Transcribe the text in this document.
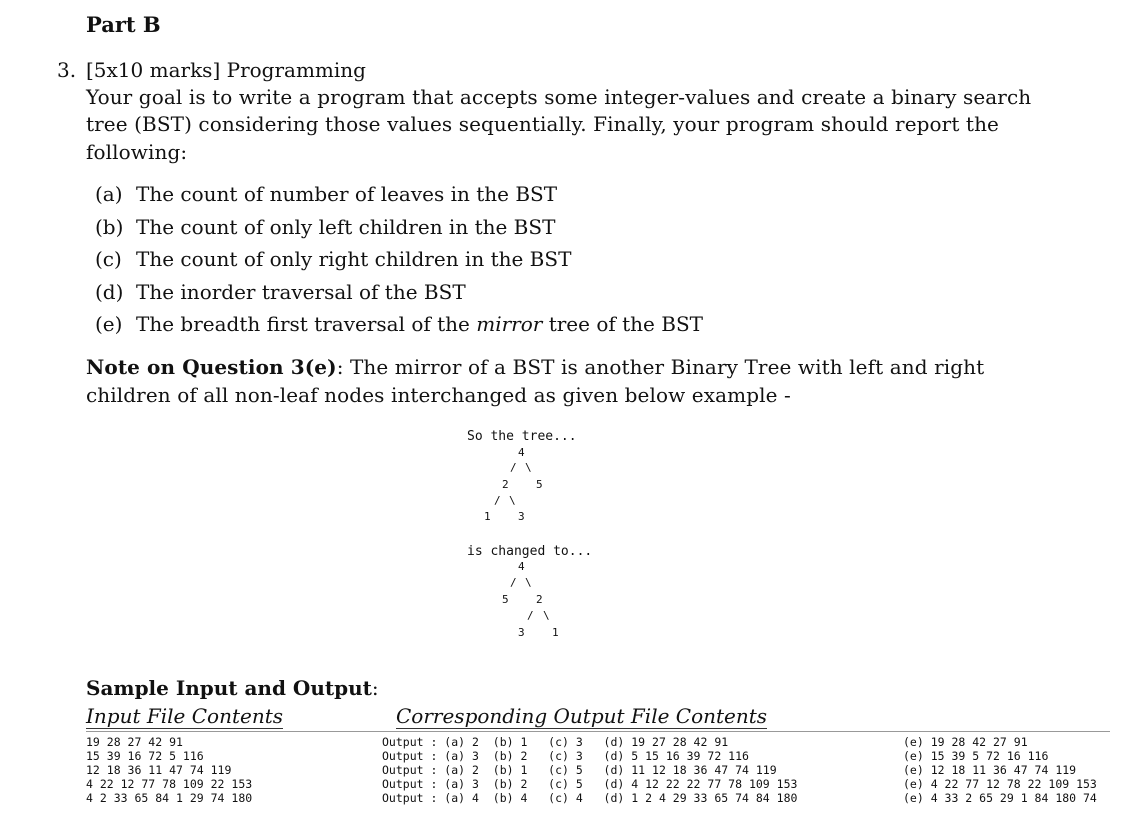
Part B
3. [5x10 marks] Programming
Your goal is to write a program that accepts some integer-values and create a binary search
tree (BST) considering those values sequentially. Finally, your program should report the
following:
(a) The count of number of leaves in the BST
(b) The count of only left children in the BST
(c) The count of only right children in the BST
(d) The inorder traversal of the BST
(e) The breadth first traversal of the mirror tree of the BST
Note on Question 3(e): The mirror of a BST is another Binary Tree with left and right
children of all non-leaf nodes interchanged as given below example -
So the tree...
4
/ \
2 5
/ \
1 3
is changed to...
4
/ \
5 2
/ \
3 1
Sample Input and Output:
Input File Contents	Corresponding Output File Contents
19 28 27 42 91	Output : (a) 2  (b) 1   (c) 3   (d) 19 27 28 42 91	(e) 19 28 42 27 91
15 39 16 72 5 116	Output : (a) 3  (b) 2   (c) 3   (d) 5 15 16 39 72 116	(e) 15 39 5 72 16 116
12 18 36 11 47 74 119	Output : (a) 2  (b) 1   (c) 5   (d) 11 12 18 36 47 74 119	(e) 12 18 11 36 47 74 119
4 22 12 77 78 109 22 153	Output : (a) 3  (b) 2   (c) 5   (d) 4 12 22 22 77 78 109 153	(e) 4 22 77 12 78 22 109 153
4 2 33 65 84 1 29 74 180	Output : (a) 4  (b) 4   (c) 4   (d) 1 2 4 29 33 65 74 84 180	(e) 4 33 2 65 29 1 84 180 74
